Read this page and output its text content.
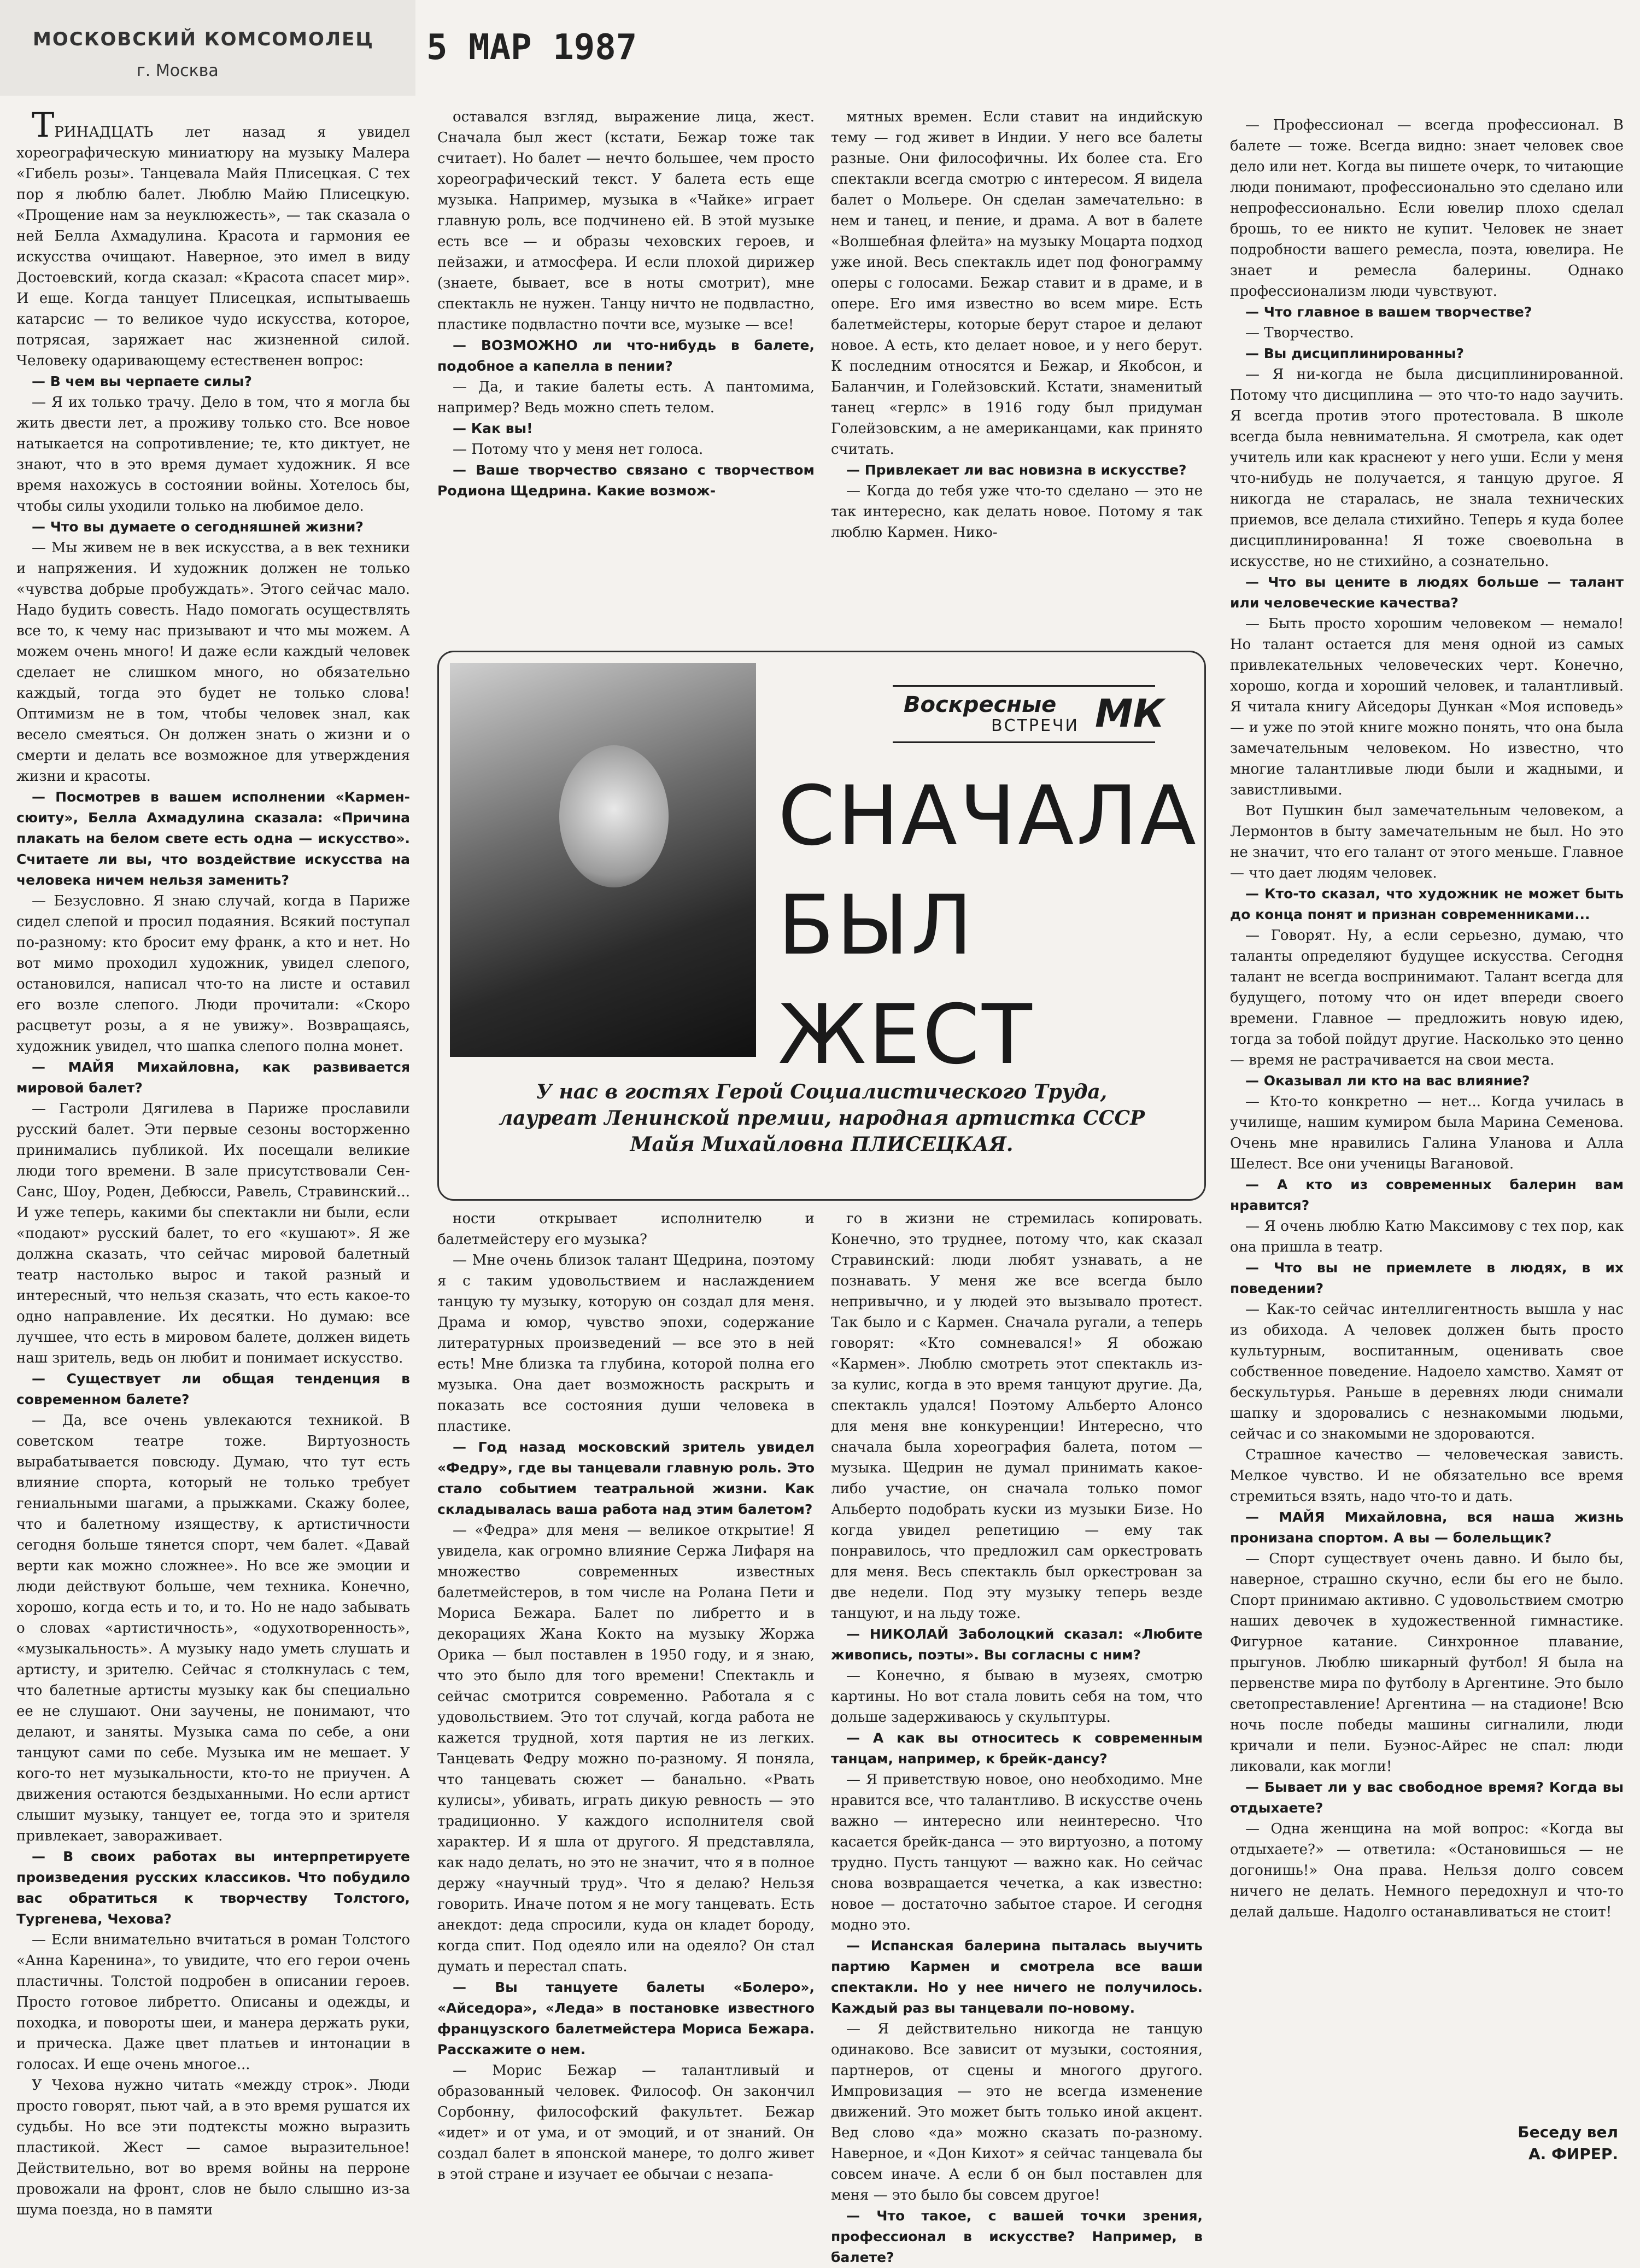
МОСКОВСКИЙ КОМСОМОЛЕЦ
г. Москва
5 МАР 1987

ТРИНАДЦАТЬ лет назад я увидел хореографическую миниатюру на музыку Малера «Гибель розы». Танцевала Майя Плисецкая. С тех пор я люблю балет. Люблю Майю Плисецкую. «Прощение нам за неуклюжесть», — так сказала о ней Белла Ахмадулина. Красота и гармония ее искусства очищают. Наверное, это имел в виду Достоевский, когда сказал: «Красота спасет мир». И еще. Когда танцует Плисецкая, испытываешь катарсис — то великое чудо искусства, которое, потрясая, заряжает нас жизненной силой. Человеку одаривающему естественен вопрос:

— В чем вы черпаете силы?

— Я их только трачу. Дело в том, что я могла бы жить двести лет, а проживу только сто. Все новое натыкается на сопротивление; те, кто диктует, не знают, что в это время думает художник. Я все время нахожусь в состоянии войны. Хотелось бы, чтобы силы уходили только на любимое дело.

— Что вы думаете о сегодняшней жизни?

— Мы живем не в век искусства, а в век техники и напряжения. И художник должен не только «чувства добрые пробуждать». Этого сейчас мало. Надо будить совесть. Надо помогать осуществлять все то, к чему нас призывают и что мы можем. А можем очень много! И даже если каждый человек сделает не слишком много, но обязательно каждый, тогда это будет не только слова! Оптимизм не в том, чтобы человек знал, как весело смеяться. Он должен знать о жизни и о смерти и делать все возможное для утверждения жизни и красоты.

— Посмотрев в вашем исполнении «Кармен-сюиту», Белла Ахмадулина сказала: «Причина плакать на белом свете есть одна — искусство». Считаете ли вы, что воздействие искусства на человека ничем нельзя заменить?

— Безусловно. Я знаю случай, когда в Париже сидел слепой и просил подаяния. Всякий поступал по-разному: кто бросит ему франк, а кто и нет. Но вот мимо проходил художник, увидел слепого, остановился, написал что-то на листе и оставил его возле слепого. Люди прочитали: «Скоро расцветут розы, а я не увижу». Возвращаясь, художник увидел, что шапка слепого полна монет.

— МАЙЯ Михайловна, как развивается мировой балет?

— Гастроли Дягилева в Париже прославили русский балет. Эти первые сезоны восторженно принимались публикой. Их посещали великие люди того времени. В зале присутствовали Сен-Санс, Шоу, Роден, Дебюсси, Равель, Стравинский... И уже теперь, какими бы спектакли ни были, если «подают» русский балет, то его «кушают». Я же должна сказать, что сейчас мировой балетный театр настолько вырос и такой разный и интересный, что нельзя сказать, что есть какое-то одно направление. Их десятки. Но думаю: все лучшее, что есть в мировом балете, должен видеть наш зритель, ведь он любит и понимает искусство.

— Существует ли общая тенденция в современном балете?

— Да, все очень увлекаются техникой. В советском театре тоже. Виртуозность вырабатывается повсюду. Думаю, что тут есть влияние спорта, который не только требует гениальными шагами, а прыжками. Скажу более, что и балетному изяществу, к артистичности сегодня больше тянется спорт, чем балет. «Давай верти как можно сложнее». Но все же эмоции и люди действуют больше, чем техника. Конечно, хорошо, когда есть и то, и то. Но не надо забывать о словах «артистичность», «одухотворенность», «музыкальность». А музыку надо уметь слушать и артисту, и зрителю. Сейчас я столкнулась с тем, что балетные артисты музыку как бы специально ее не слушают. Они заучены, не понимают, что делают, и заняты. Музыка сама по себе, а они танцуют сами по себе. Музыка им не мешает. У кого-то нет музыкальности, кто-то не приучен. А движения остаются бездыханными. Но если артист слышит музыку, танцует ее, тогда это и зрителя привлекает, завораживает.

— В своих работах вы интерпретируете произведения русских классиков. Что побудило вас обратиться к творчеству Толстого, Тургенева, Чехова?

— Если внимательно вчитаться в роман Толстого «Анна Каренина», то увидите, что его герои очень пластичны. Толстой подробен в описании героев. Просто готовое либретто. Описаны и одежды, и походка, и повороты шеи, и манера держать руки, и прическа. Даже цвет платьев и интонации в голосах. И еще очень многое...

У Чехова нужно читать «между строк». Люди просто говорят, пьют чай, а в это время рушатся их судьбы. Но все эти подтексты можно выразить пластикой. Жест — самое выразительное! Действительно, вот во время войны на перроне провожали на фронт, слов не было слышно из-за шума поезда, но в памяти

оставался взгляд, выражение лица, жест. Сначала был жест (кстати, Бежар тоже так считает). Но балет — нечто большее, чем просто хореографический текст. У балета есть еще музыка. Например, музыка в «Чайке» играет главную роль, все подчинено ей. В этой музыке есть все — и образы чеховских героев, и пейзажи, и атмосфера. И если плохой дирижер (знаете, бывает, все в ноты смотрит), мне спектакль не нужен. Танцу ничто не подвластно, пластике подвластно почти все, музыке — все!

— ВОЗМОЖНО ли что-нибудь в балете, подобное а капелла в пении?

— Да, и такие балеты есть. А пантомима, например? Ведь можно спеть телом.

— Как вы!

— Потому что у меня нет голоса.

— Ваше творчество связано с творчеством Родиона Щедрина. Какие возмож-

мятных времен. Если ставит на индийскую тему — год живет в Индии. У него все балеты разные. Они философичны. Их более ста. Его спектакли всегда смотрю с интересом. Я видела балет о Мольере. Он сделан замечательно: в нем и танец, и пение, и драма. А вот в балете «Волшебная флейта» на музыку Моцарта подход уже иной. Весь спектакль идет под фонограмму оперы с голосами. Бежар ставит и в драме, и в опере. Его имя известно во всем мире. Есть балетмейстеры, которые берут старое и делают новое. А есть, кто делает новое, и у него берут. К последним относятся и Бежар, и Якобсон, и Баланчин, и Голейзовский. Кстати, знаменитый танец «герлс» в 1916 году был придуман Голейзовским, а не американцами, как принято считать.

— Привлекает ли вас новизна в искусстве?

— Когда до тебя уже что-то сделано — это не так интересно, как делать новое. Потому я так люблю Кармен. Нико-

— Профессионал — всегда профессионал. В балете — тоже. Всегда видно: знает человек свое дело или нет. Когда вы пишете очерк, то читающие люди понимают, профессионально это сделано или непрофессионально. Если ювелир плохо сделал брошь, то ее никто не купит. Человек не знает подробности вашего ремесла, поэта, ювелира. Не знает и ремесла балерины. Однако профессионализм люди чувствуют.

— Что главное в вашем творчестве?

— Творчество.

— Вы дисциплинированны?

— Я ни-когда не была дисциплинированной. Потому что дисциплина — это что-то надо заучить. Я всегда против этого протестовала. В школе всегда была невнимательна. Я смотрела, как одет учитель или как краснеют у него уши. Если у меня что-нибудь не получается, я танцую другое. Я никогда не старалась, не знала технических приемов, все делала стихийно. Теперь я куда более дисциплинированна! Я тоже своевольна в искусстве, но не стихийно, а сознательно.

— Что вы цените в людях больше — талант или человеческие качества?

— Быть просто хорошим человеком — немало! Но талант остается для меня одной из самых привлекательных человеческих черт. Конечно, хорошо, когда и хороший человек, и талантливый. Я читала книгу Айседоры Дункан «Моя исповедь» — и уже по этой книге можно понять, что она была замечательным человеком. Но известно, что многие талантливые люди были и жадными, и завистливыми.

Вот Пушкин был замечательным человеком, а Лермонтов в быту замечательным не был. Но это не значит, что его талант от этого меньше. Главное — что дает людям человек.

— Кто-то сказал, что художник не может быть до конца понят и признан современниками...

— Говорят. Ну, а если серьезно, думаю, что таланты определяют будущее искусства. Сегодня талант не всегда воспринимают. Талант всегда для будущего, потому что он идет впереди своего времени. Главное — предложить новую идею, тогда за тобой пойдут другие. Насколько это ценно — время не растрачивается на свои места.

— Оказывал ли кто на вас влияние?

— Кто-то конкретно — нет... Когда училась в училище, нашим кумиром была Марина Семенова. Очень мне нравились Галина Уланова и Алла Шелест. Все они ученицы Вагановой.

— А кто из современных балерин вам нравится?

— Я очень люблю Катю Максимову с тех пор, как она пришла в театр.

— Что вы не приемлете в людях, в их поведении?

— Как-то сейчас интеллигентность вышла у нас из обихода. А человек должен быть просто культурным, воспитанным, оценивать свое собственное поведение. Надоело хамство. Хамят от бескультурья. Раньше в деревнях люди снимали шапку и здоровались с незнакомыми людьми, сейчас и со знакомыми не здороваются.

Страшное качество — человеческая зависть. Мелкое чувство. И не обязательно все время стремиться взять, надо что-то и дать.

— МАЙЯ Михайловна, вся наша жизнь пронизана спортом. А вы — болельщик?

— Спорт существует очень давно. И было бы, наверное, страшно скучно, если бы его не было. Спорт принимаю активно. С удовольствием смотрю наших девочек в художественной гимнастике. Фигурное катание. Синхронное плавание, прыгунов. Люблю шикарный футбол! Я была на первенстве мира по футболу в Аргентине. Это было светопреставление! Аргентина — на стадионе! Всю ночь после победы машины сигналили, люди кричали и пели. Буэнос-Айрес не спал: люди ликовали, как могли!

— Бывает ли у вас свободное время? Когда вы отдыхаете?

— Одна женщина на мой вопрос: «Когда вы отдыхаете?» — ответила: «Остановишься — не догонишь!» Она права. Нельзя долго совсем ничего не делать. Немного передохнул и что-то делай дальше. Надолго останавливаться не стоит!

ности открывает исполнителю и балетмейстеру его музыка?

— Мне очень близок талант Щедрина, поэтому я с таким удовольствием и наслаждением танцую ту музыку, которую он создал для меня. Драма и юмор, чувство эпохи, содержание литературных произведений — все это в ней есть! Мне близка та глубина, которой полна его музыка. Она дает возможность раскрыть и показать все состояния души человека в пластике.

— Год назад московский зритель увидел «Федру», где вы танцевали главную роль. Это стало событием театральной жизни. Как складывалась ваша работа над этим балетом?

— «Федра» для меня — великое открытие! Я увидела, как огромно влияние Сержа Лифаря на множество современных известных балетмейстеров, в том числе на Ролана Пети и Мориса Бежара. Балет по либретто и в декорациях Жана Кокто на музыку Жоржа Орика — был поставлен в 1950 году, и я знаю, что это было для того времени! Спектакль и сейчас смотрится современно. Работала я с удовольствием. Это тот случай, когда работа не кажется трудной, хотя партия не из легких. Танцевать Федру можно по-разному. Я поняла, что танцевать сюжет — банально. «Рвать кулисы», убивать, играть дикую ревность — это традиционно. У каждого исполнителя свой характер. И я шла от другого. Я представляла, как надо делать, но это не значит, что я в полное держу «научный труд». Что я делаю? Нельзя говорить. Иначе потом я не могу танцевать. Есть анекдот: деда спросили, куда он кладет бороду, когда спит. Под одеяло или на одеяло? Он стал думать и перестал спать.

— Вы танцуете балеты «Болеро», «Айседора», «Леда» в постановке известного французского балетмейстера Мориса Бежара. Расскажите о нем.

— Морис Бежар — талантливый и образованный человек. Философ. Он закончил Сорбонну, философский факультет. Бежар «идет» и от ума, и от эмоций, и от знаний. Он создал балет в японской манере, то долго живет в этой стране и изучает ее обычаи с незапа-

го в жизни не стремилась копировать. Конечно, это труднее, потому что, как сказал Стравинский: люди любят узнавать, а не познавать. У меня же все всегда было непривычно, и у людей это вызывало протест. Так было и с Кармен. Сначала ругали, а теперь говорят: «Кто сомневался!» Я обожаю «Кармен». Люблю смотреть этот спектакль из-за кулис, когда в это время танцуют другие. Да, спектакль удался! Поэтому Альберто Алонсо для меня вне конкуренции! Интересно, что сначала была хореография балета, потом — музыка. Щедрин не думал принимать какое-либо участие, он сначала только помог Альберто подобрать куски из музыки Бизе. Но когда увидел репетицию — ему так понравилось, что предложил сам оркестровать для меня. Весь спектакль был оркестрован за две недели. Под эту музыку теперь везде танцуют, и на льду тоже.

— НИКОЛАЙ Заболоцкий сказал: «Любите живопись, поэты». Вы согласны с ним?

— Конечно, я бываю в музеях, смотрю картины. Но вот стала ловить себя на том, что дольше задерживаюсь у скульптуры.

— А как вы относитесь к современным танцам, например, к брейк-дансу?

— Я приветствую новое, оно необходимо. Мне нравится все, что талантливо. В искусстве очень важно — интересно или неинтересно. Что касается брейк-данса — это виртуозно, а потому трудно. Пусть танцуют — важно как. Но сейчас снова возвращается чечетка, а как известно: новое — достаточно забытое старое. И сегодня модно это.

— Испанская балерина пыталась выучить партию Кармен и смотрела все ваши спектакли. Но у нее ничего не получилось. Каждый раз вы танцевали по-новому.

— Я действительно никогда не танцую одинаково. Все зависит от музыки, состояния, партнеров, от сцены и многого другого. Импровизация — это не всегда изменение движений. Это может быть только иной акцент. Вед слово «да» можно сказать по-разному. Наверное, и «Дон Кихот» я сейчас танцевала бы совсем иначе. А если б он был поставлен для меня — это было бы совсем другое!

— Что такое, с вашей точки зрения, профессионал в искусстве? Например, в балете?

Воскресные
ВСТРЕЧИ МК
СНАЧАЛА
БЫЛ
ЖЕСТ
У нас в гостях Герой Социалистического Труда, лауреат Ленинской премии, народная артистка СССР Майя Михайловна ПЛИСЕЦКАЯ.
Беседу вел
А. ФИРЕР.
